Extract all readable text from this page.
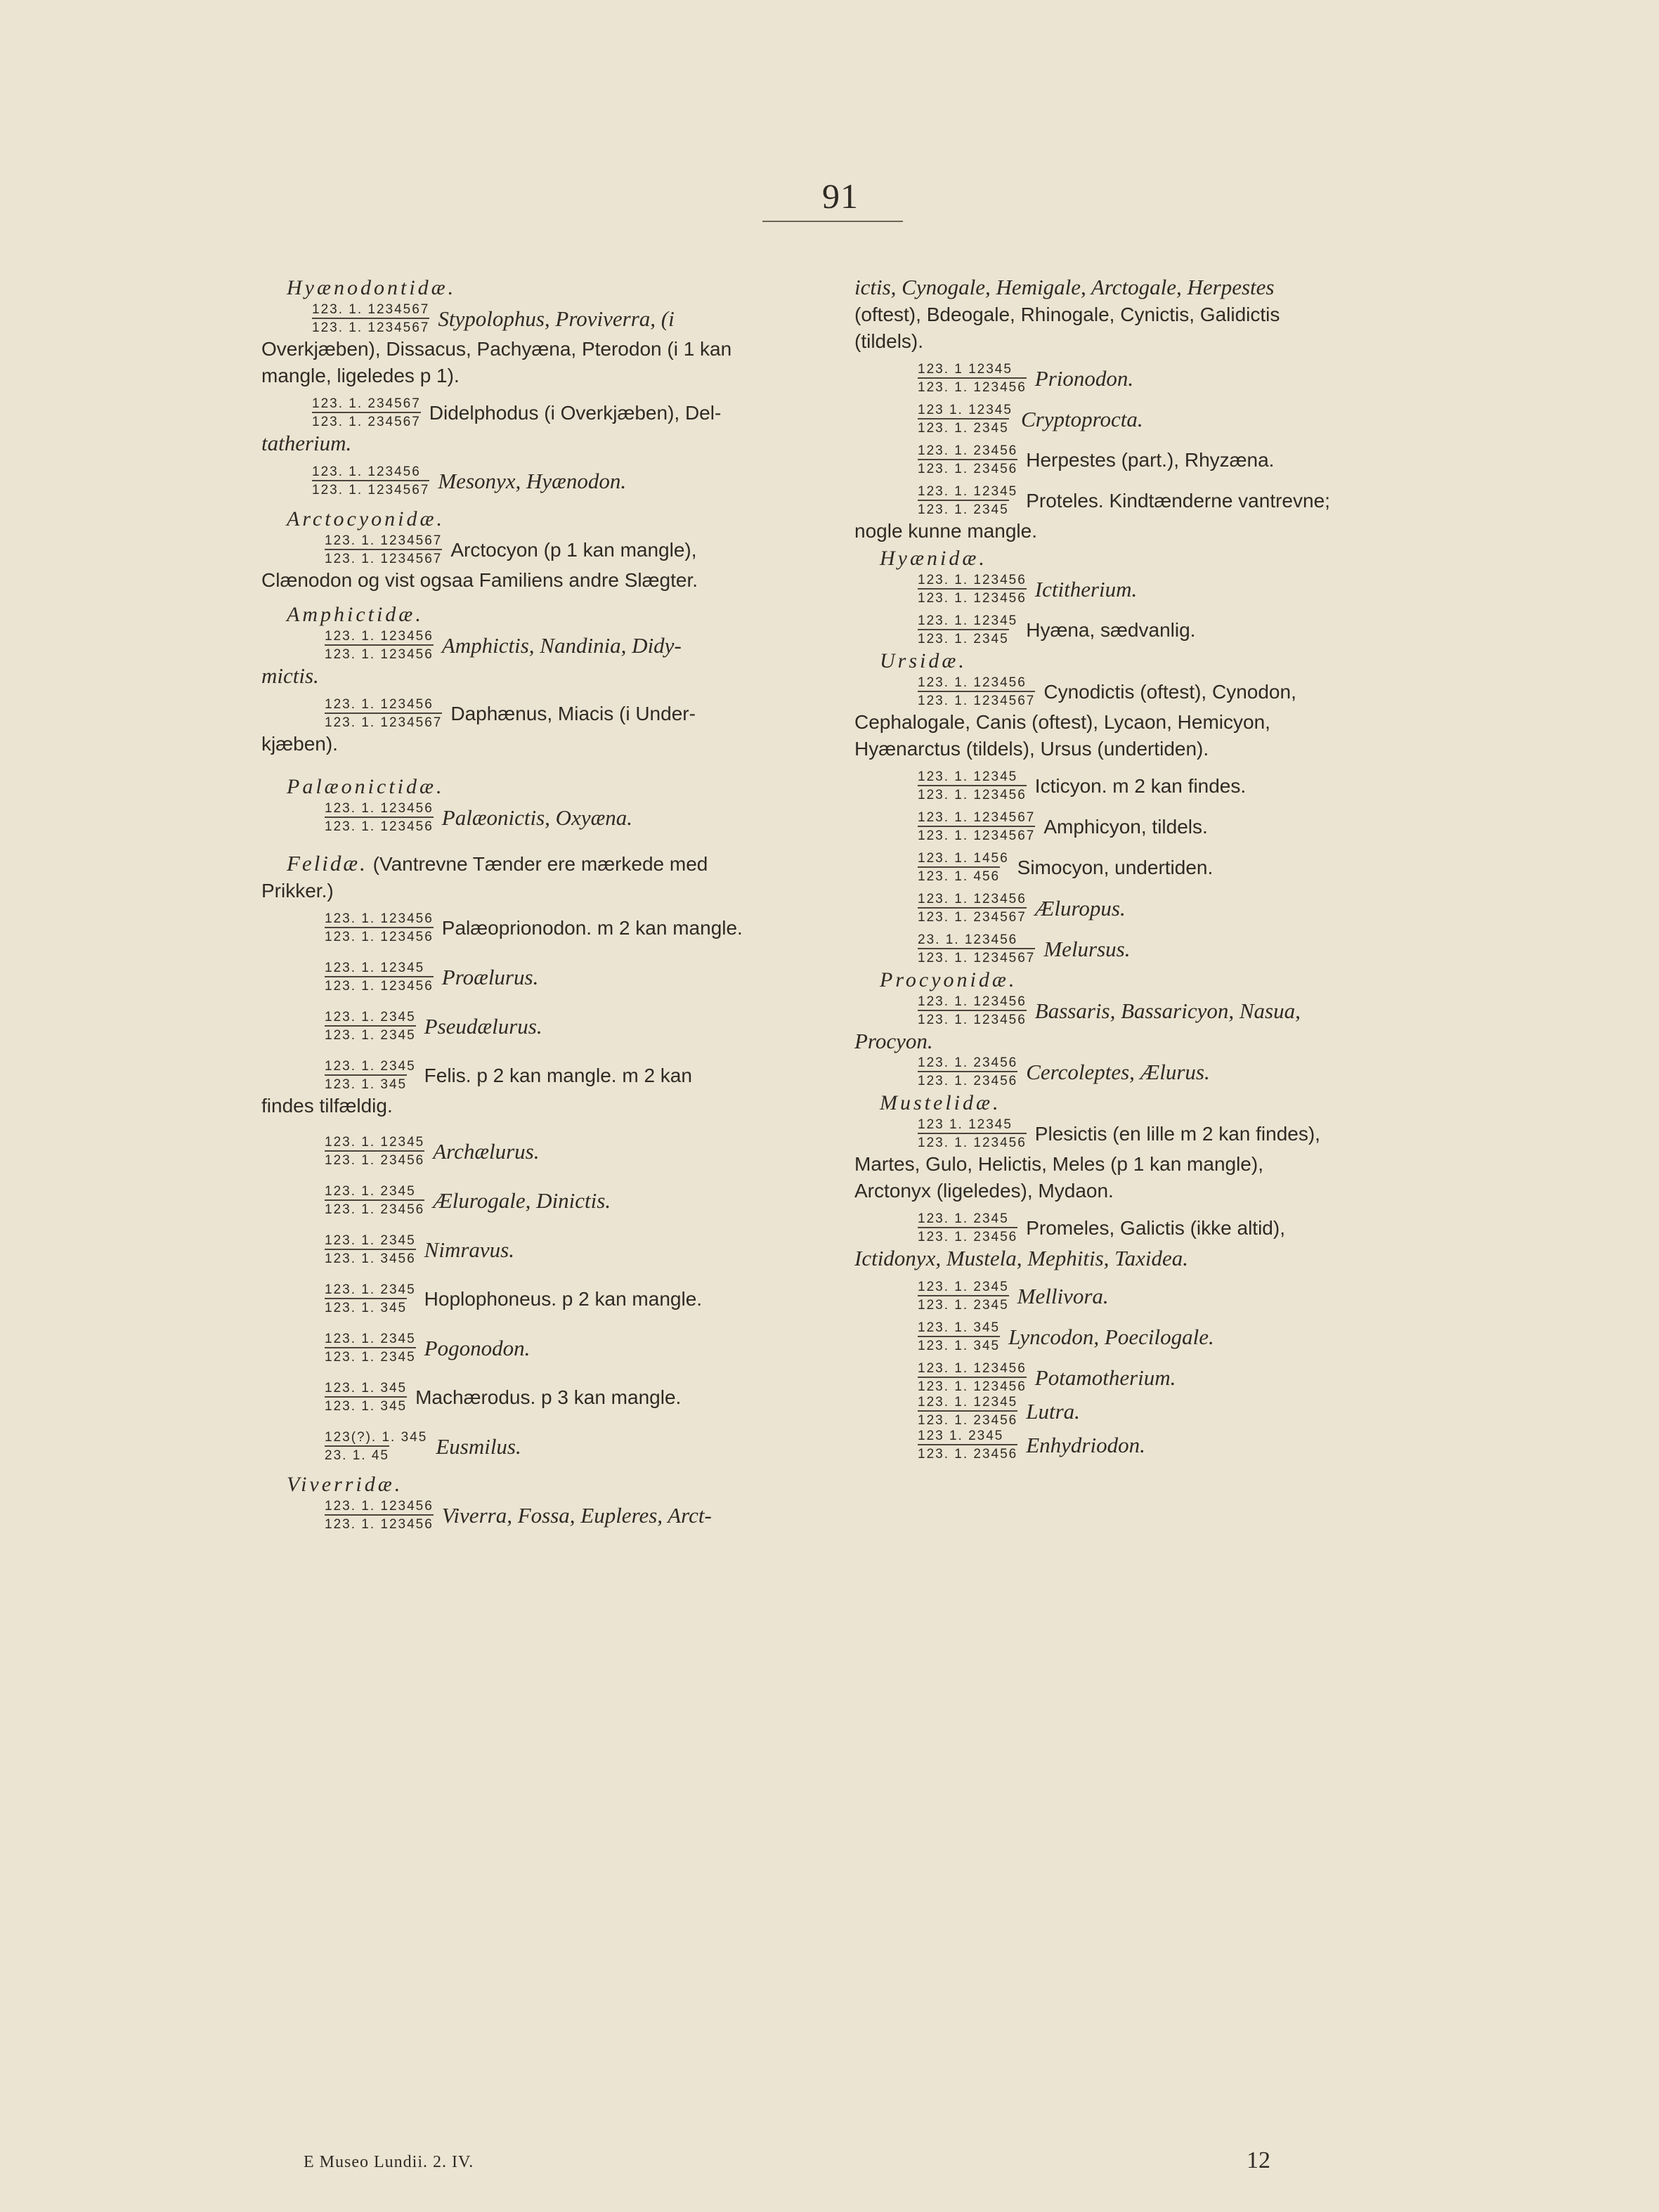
91
Hyænodontidæ.
$\frac{123. 1. 1234567}{123. 1. 1234567}$ Stypolophus, Proviverra, (i
Overkjæben), Dissacus, Pachyæna, Pterodon (i 1 kan
mangle, ligeledes p 1).
$\frac{123. 1. 234567}{123. 1. 234567}$ Didelphodus (i Overkjæben), Del-
tatherium.
$\frac{123. 1. 123456}{123. 1. 1234567}$ Mesonyx, Hyænodon.
Arctocyonidæ.
$\frac{123. 1. 1234567}{123. 1. 1234567}$ Arctocyon (p 1 kan mangle),
Clænodon og vist ogsaa Familiens andre Slægter.
Amphictidæ.
$\frac{123. 1. 123456}{123. 1. 123456}$ Amphictis, Nandinia, Didy-
mictis.
$\frac{123. 1. 123456}{123. 1. 1234567}$ Daphænus, Miacis (i Under-
kjæben).
Palæonictidæ.
$\frac{123. 1. 123456}{123. 1. 123456}$ Palæonictis, Oxyæna.
Felidæ. (Vantrevne Tænder ere mærkede med
Prikker.)
$\frac{123. 1. 123456}{123. 1. 123456}$ Palæoprionodon. m 2 kan mangle.
$\frac{123. 1. 12345}{123. 1. 123456}$ Proælurus.
$\frac{123. 1. 2345}{123. 1. 2345}$ Pseudælurus.
$\frac{123. 1. 2345}{123. 1. 345}$ Felis. p 2 kan mangle. m 2 kan
findes tilfældig.
$\frac{123. 1. 12345}{123. 1. 23456}$ Archælurus.
$\frac{123. 1. 2345}{123. 1. 23456}$ Ælurogale, Dinictis.
$\frac{123. 1. 2345}{123. 1. 3456}$ Nimravus.
$\frac{123. 1. 2345}{123. 1. 345}$ Hoplophoneus. p 2 kan mangle.
$\frac{123. 1. 2345}{123. 1. 2345}$ Pogonodon.
$\frac{123. 1. 345}{123. 1. 345}$ Machærodus. p 3 kan mangle.
$\frac{123(?). 1. 345}{23. 1. 45}$ Eusmilus.
Viverridæ.
$\frac{123. 1. 123456}{123. 1. 123456}$ Viverra, Fossa, Eupleres, Arct-
ictis, Cynogale, Hemigale, Arctogale, Herpestes
(oftest), Bdeogale, Rhinogale, Cynictis, Galidictis
(tildels).
$\frac{123. 1 12345}{123. 1. 123456}$ Prionodon.
$\frac{123 1. 12345}{123. 1. 2345}$ Cryptoprocta.
$\frac{123. 1. 23456}{123. 1. 23456}$ Herpestes (part.), Rhyzæna.
$\frac{123. 1. 12345}{123. 1. 2345}$ Proteles. Kindtænderne vantrevne;
nogle kunne mangle.
Hyænidæ.
$\frac{123. 1. 123456}{123. 1. 123456}$ Ictitherium.
$\frac{123. 1. 12345}{123. 1. 2345}$ Hyæna, sædvanlig.
Ursidæ.
$\frac{123. 1. 123456}{123. 1. 1234567}$ Cynodictis (oftest), Cynodon,
Cephalogale, Canis (oftest), Lycaon, Hemicyon,
Hyænarctus (tildels), Ursus (undertiden).
$\frac{123. 1. 12345}{123. 1. 123456}$ Icticyon. m 2 kan findes.
$\frac{123. 1. 1234567}{123. 1. 1234567}$ Amphicyon, tildels.
$\frac{123. 1. 1456}{123. 1. 456}$ Simocyon, undertiden.
$\frac{123. 1. 123456}{123. 1. 234567}$ Æluropus.
$\frac{23. 1. 123456}{123. 1. 1234567}$ Melursus.
Procyonidæ.
$\frac{123. 1. 123456}{123. 1. 123456}$ Bassaris, Bassaricyon, Nasua,
Procyon.
$\frac{123. 1. 23456}{123. 1. 23456}$ Cercoleptes, Ælurus.
Mustelidæ.
$\frac{123 1. 12345}{123. 1. 123456}$ Plesictis (en lille m 2 kan findes),
Martes, Gulo, Helictis, Meles (p 1 kan mangle),
Arctonyx (ligeledes), Mydaon.
$\frac{123. 1. 2345}{123. 1. 23456}$ Promeles, Galictis (ikke altid),
Ictidonyx, Mustela, Mephitis, Taxidea.
$\frac{123. 1. 2345}{123. 1. 2345}$ Mellivora.
$\frac{123. 1. 345}{123. 1. 345}$ Lyncodon, Poecilogale.
$\frac{123. 1. 123456}{123. 1. 123456}$ Potamotherium.
$\frac{123. 1. 12345}{123. 1. 23456}$ Lutra.
$\frac{123 1. 2345}{123. 1. 23456}$ Enhydriodon.
E Museo Lundii. 2. IV.	12
